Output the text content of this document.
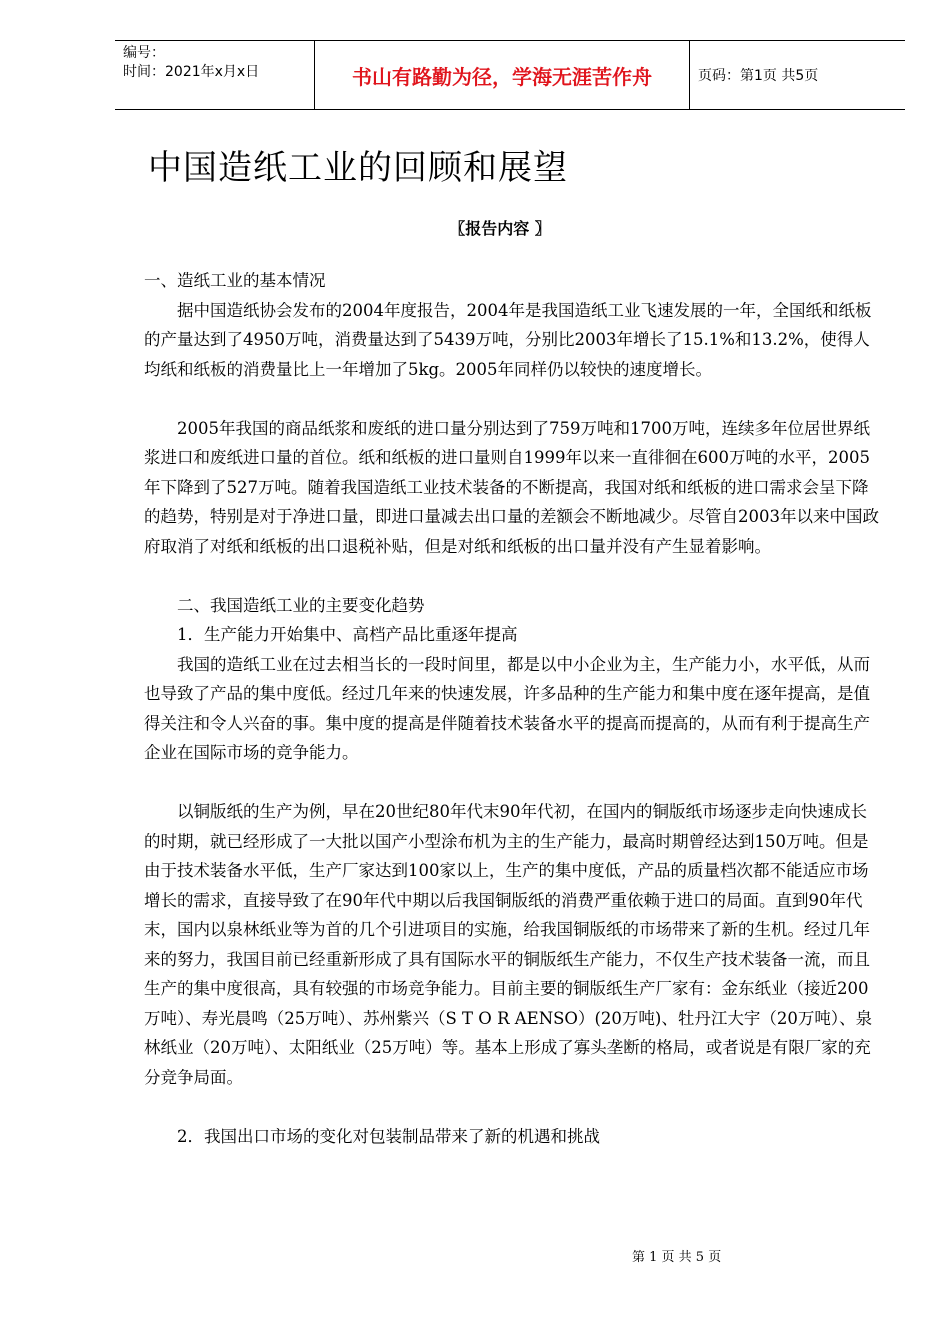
编号：
时间：2021年x月x日	书山有路勤为径，学海无涯苦作舟	页码：第1页 共5页
中国造纸工业的回顾和展望
〖报告内容 〗

一、造纸工业的基本情况

据中国造纸协会发布的2004年度报告，2004年是我国造纸工业飞速发展的一年，全国纸和纸板的产量达到了4950万吨，消费量达到了5439万吨，分别比2003年增长了15.1%和13.2%，使得人均纸和纸板的消费量比上一年增加了5kg。2005年同样仍以较快的速度增长。

2005年我国的商品纸浆和废纸的进口量分别达到了759万吨和1700万吨，连续多年位居世界纸浆进口和废纸进口量的首位。纸和纸板的进口量则自1999年以来一直徘徊在600万吨的水平，2005年下降到了527万吨。随着我国造纸工业技术装备的不断提高，我国对纸和纸板的进口需求会呈下降的趋势，特别是对于净进口量，即进口量减去出口量的差额会不断地减少。尽管自2003年以来中国政府取消了对纸和纸板的出口退税补贴，但是对纸和纸板的出口量并没有产生显着影响。

二、我国造纸工业的主要变化趋势

1．生产能力开始集中、高档产品比重逐年提高

我国的造纸工业在过去相当长的一段时间里，都是以中小企业为主，生产能力小，水平低，从而也导致了产品的集中度低。经过几年来的快速发展，许多品种的生产能力和集中度在逐年提高，是值得关注和令人兴奋的事。集中度的提高是伴随着技术装备水平的提高而提高的，从而有利于提高生产企业在国际市场的竞争能力。

以铜版纸的生产为例，早在20世纪80年代末90年代初，在国内的铜版纸市场逐步走向快速成长的时期，就已经形成了一大批以国产小型涂布机为主的生产能力，最高时期曾经达到150万吨。但是由于技术装备水平低，生产厂家达到100家以上，生产的集中度低，产品的质量档次都不能适应市场增长的需求，直接导致了在90年代中期以后我国铜版纸的消费严重依赖于进口的局面。直到90年代末，国内以泉林纸业等为首的几个引进项目的实施，给我国铜版纸的市场带来了新的生机。经过几年来的努力，我国目前已经重新形成了具有国际水平的铜版纸生产能力，不仅生产技术装备一流，而且生产的集中度很高，具有较强的市场竞争能力。目前主要的铜版纸生产厂家有：金东纸业（接近200万吨）、寿光晨鸣（25万吨）、苏州紫兴（S T O R AENSO）(20万吨)、牡丹江大宇（20万吨）、泉林纸业（20万吨）、太阳纸业（25万吨）等。基本上形成了寡头垄断的格局，或者说是有限厂家的充分竞争局面。

2．我国出口市场的变化对包装制品带来了新的机遇和挑战

第 1 页 共 5 页
